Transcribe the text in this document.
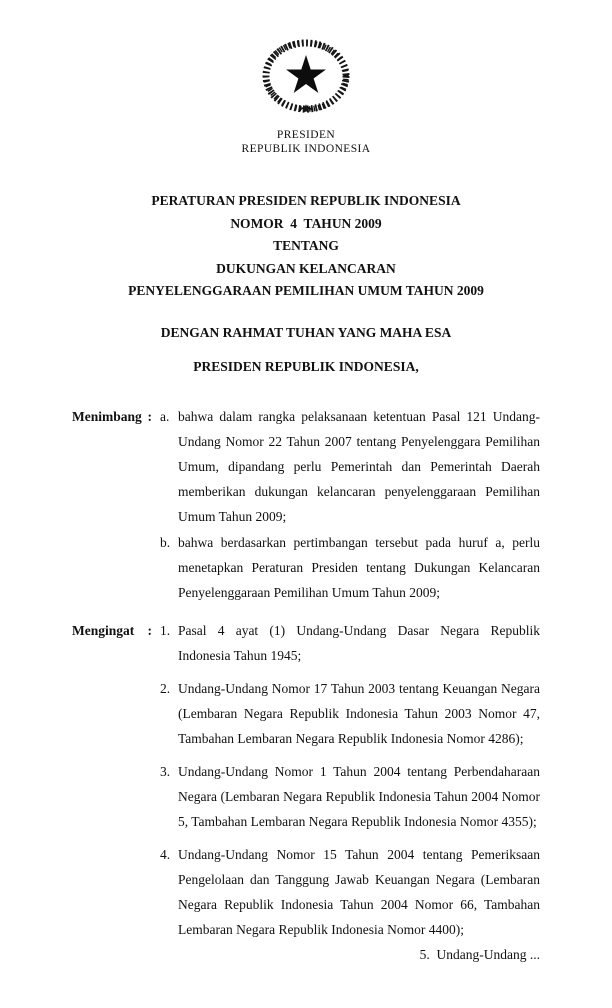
PRESIDEN
REPUBLIK INDONESIA
PERATURAN PRESIDEN REPUBLIK INDONESIA
NOMOR  4  TAHUN 2009
TENTANG
DUKUNGAN KELANCARAN
PENYELENGGARAAN PEMILIHAN UMUM TAHUN 2009
DENGAN RAHMAT TUHAN YANG MAHA ESA
PRESIDEN REPUBLIK INDONESIA,
Menimbang : a. bahwa dalam rangka pelaksanaan ketentuan Pasal 121 Undang-Undang Nomor 22 Tahun 2007 tentang Penyelenggara Pemilihan Umum, dipandang perlu Pemerintah dan Pemerintah Daerah memberikan dukungan kelancaran penyelenggaraan Pemilihan Umum Tahun 2009;
b. bahwa berdasarkan pertimbangan tersebut pada huruf a, perlu menetapkan Peraturan Presiden tentang Dukungan Kelancaran Penyelenggaraan Pemilihan Umum Tahun 2009;
Mengingat : 1. Pasal 4 ayat (1) Undang-Undang Dasar Negara Republik Indonesia Tahun 1945;
2. Undang-Undang Nomor 17 Tahun 2003 tentang Keuangan Negara (Lembaran Negara Republik Indonesia Tahun 2003 Nomor 47, Tambahan Lembaran Negara Republik Indonesia Nomor 4286);
3. Undang-Undang Nomor 1 Tahun 2004 tentang Perbendaharaan Negara (Lembaran Negara Republik Indonesia Tahun 2004 Nomor 5, Tambahan Lembaran Negara Republik Indonesia Nomor 4355);
4. Undang-Undang Nomor 15 Tahun 2004 tentang Pemeriksaan Pengelolaan dan Tanggung Jawab Keuangan Negara (Lembaran Negara Republik Indonesia Tahun 2004 Nomor 66, Tambahan Lembaran Negara Republik Indonesia Nomor 4400);
5.  Undang-Undang ...
